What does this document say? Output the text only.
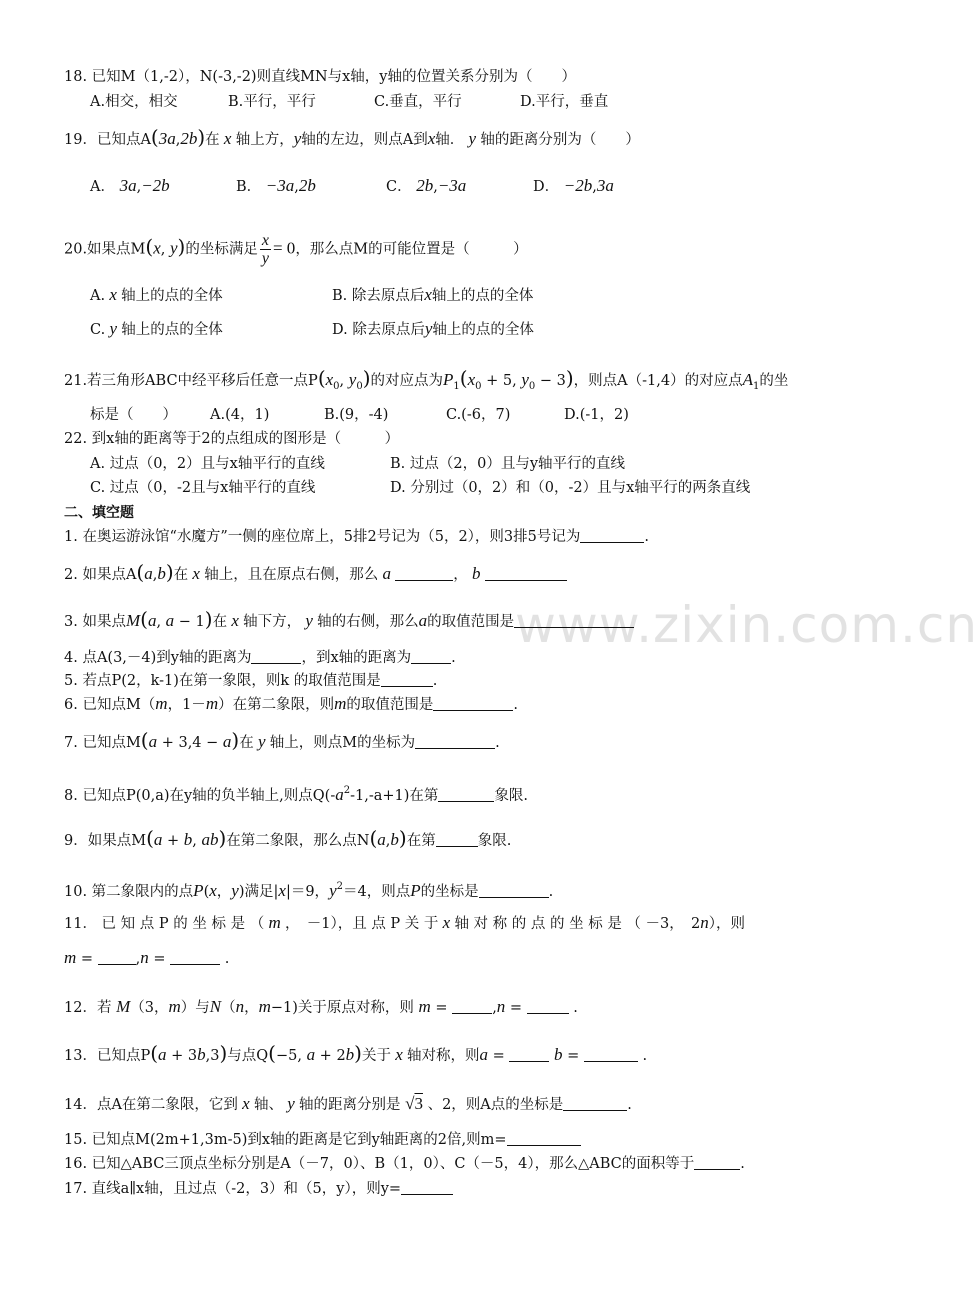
www.zixin.com.cn
18. 已知M（1,-2），N(-3,-2)则直线MN与x轴，y轴的位置关系分别为（　　）
A.相交，相交	B.平行，平行	C.垂直，平行	D.平行，垂直
19．已知点A(3a,2b)在 x 轴上方，y轴的左边，则点A到x轴． y 轴的距离分别为（　　）
A． 3a,−2b	B． −3a,2b	C． 2b,−3a	D． −2b,3a
20.如果点M(x, y)的坐标满足 $\frac{x}{y} = 0$，那么点M的可能位置是（　　　）
A. x 轴上的点的全体	B. 除去原点后x轴上的点的全体
C. y 轴上的点的全体	D. 除去原点后y轴上的点的全体
21.若三角形ABC中经平移后任意一点$P(x_0$, $y_0$)的对应点为$P_1(x_0 + 5$, $y_0 - 3$)，则点A（-1,4）的对应点$A_1$的坐
标是（　　） A.(4，1)	B.(9，-4)	C.(-6，7)	D.(-1，2)
22. 到x轴的距离等于2的点组成的图形是（　　　）
A. 过点（0，2）且与x轴平行的直线	B. 过点（2，0）且与y轴平行的直线
C. 过点（0，-2且与x轴平行的直线	D. 分别过（0，2）和（0，-2）且与x轴平行的两条直线
二、填空题
1. 在奥运游泳馆“水魔方”一侧的座位席上，5排2号记为（5，2），则3排5号记为	.
2. 如果点A(a,b)在 x 轴上，且在原点右侧，那么 a	， b
3. 如果点M(a, a − 1)在 x 轴下方， y 轴的右侧，那么a的取值范围是
4. 点A(3,－4)到y轴的距离为	，到x轴的距离为	.
5. 若点P(2，k-1)在第一象限，则k 的取值范围是	.
6. 已知点M（m，1－m）在第二象限，则m的取值范围是	.
7. 已知点M(a + 3,4 − a)在 y 轴上，则点M的坐标为	.
8. 已知点P(0,a)在y轴的负半轴上,则点$Q(-a^2-1,-a+1)$在第	象限.
9．如果点M(a + b, ab)在第二象限，那么点N(a,b)在第	象限.
10. 第二象限内的点P(x，y)满足|x|＝9，$y^2=4$，则点P的坐标是	.
11． 已 知 点 P 的 坐 标 是 （ m ，　－1），且 点 P 关 于 x 轴 对 称 的 点 的 坐 标 是 （ －3，　2n），则
m =	,n =	.
12．若 M（3，m）与N（n，m−1)关于原点对称，则 m =	,n =	.
13．已知点P(a + 3b,3)与点Q(−5, a + 2b)关于 x 轴对称，则a =	b =	.
14．点A在第二象限，它到 x 轴、 y 轴的距离分别是 √3 、2，则A点的坐标是	.
15. 已知点M(2m+1,3m-5)到x轴的距离是它到y轴距离的2倍,则m=
16. 已知△ABC三顶点坐标分别是A（－7，0）、B（1，0）、C（－5，4），那么△ABC的面积等于	.
17. 直线a∥x轴，且过点（-2，3）和（5，y），则y=
